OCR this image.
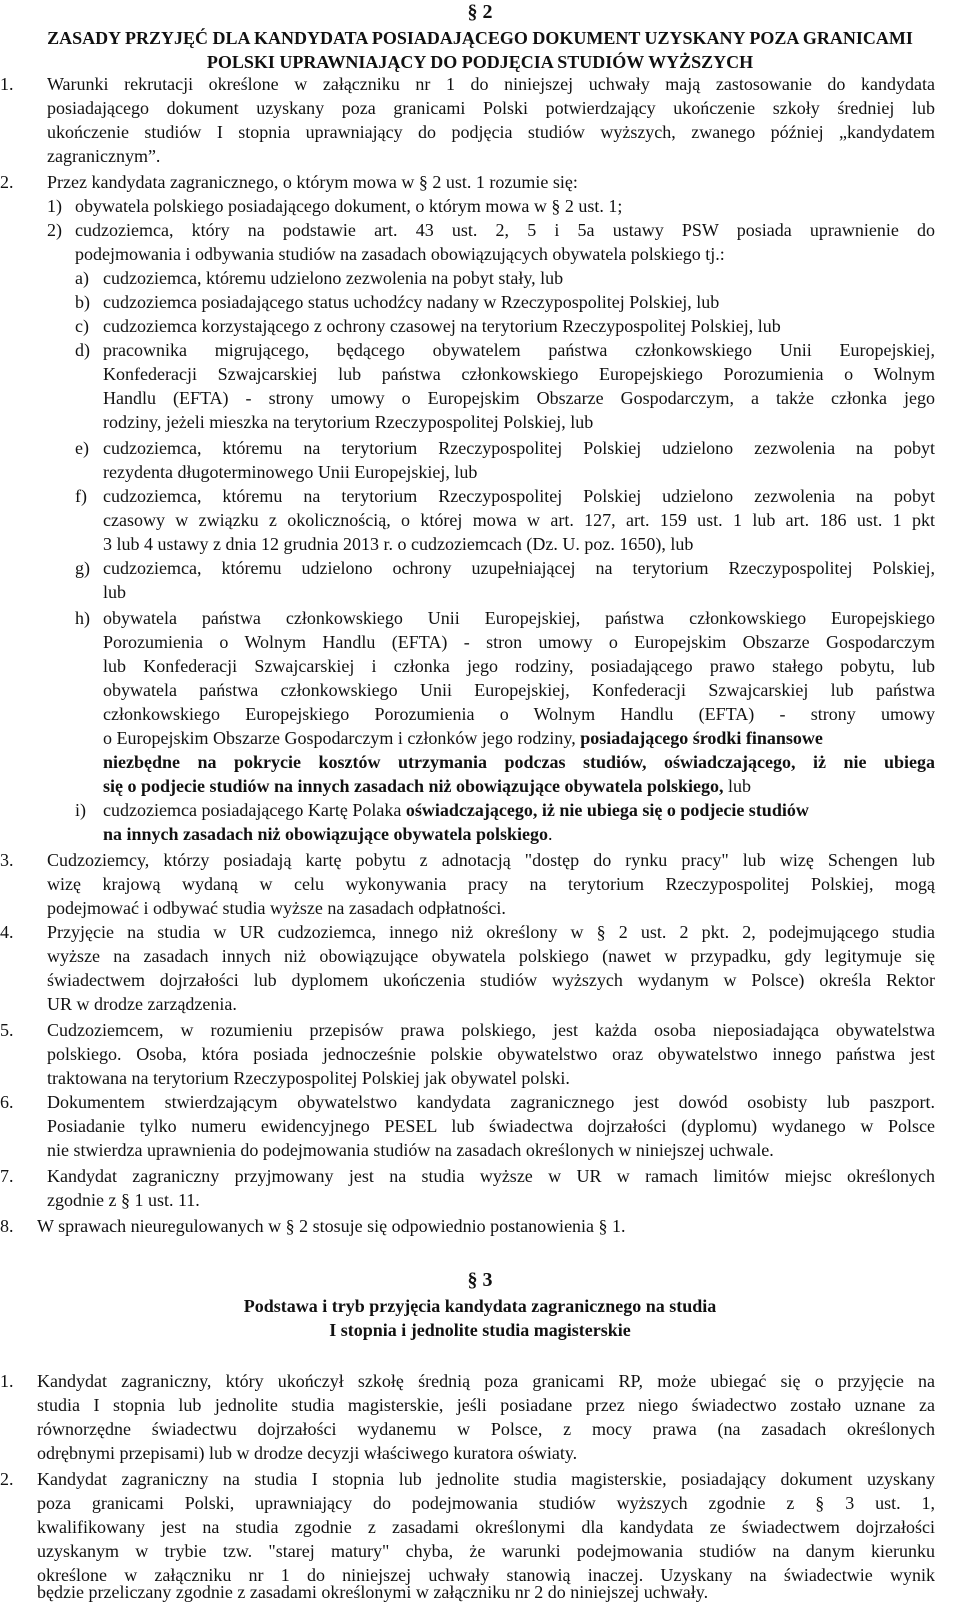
§ 2
ZASADY PRZYJĘĆ DLA KANDYDATA POSIADAJĄCEGO DOKUMENT UZYSKANY POZA GRANICAMI
POLSKI UPRAWNIAJĄCY DO PODJĘCIA STUDIÓW WYŻSZYCH
1. Warunki rekrutacji określone w załączniku nr 1 do niniejszej uchwały mają zastosowanie do kandydata
posiadającego dokument uzyskany poza granicami Polski potwierdzający ukończenie szkoły średniej lub
ukończenie studiów I stopnia uprawniający do podjęcia studiów wyższych, zwanego później „kandydatem
zagranicznym”.
2. Przez kandydata zagranicznego, o którym mowa w § 2 ust. 1 rozumie się:
1) obywatela polskiego posiadającego dokument, o którym mowa w § 2 ust. 1;
2) cudzoziemca, który na podstawie art. 43 ust. 2, 5 i 5a ustawy PSW posiada uprawnienie do
podejmowania i odbywania studiów na zasadach obowiązujących obywatela polskiego tj.:
a) cudzoziemca, któremu udzielono zezwolenia na pobyt stały, lub
b) cudzoziemca posiadającego status uchodźcy nadany w Rzeczypospolitej Polskiej, lub
c) cudzoziemca korzystającego z ochrony czasowej na terytorium Rzeczypospolitej Polskiej, lub
d) pracownika migrującego, będącego obywatelem państwa członkowskiego Unii Europejskiej,
Konfederacji Szwajcarskiej lub państwa członkowskiego Europejskiego Porozumienia o Wolnym
Handlu (EFTA) - strony umowy o Europejskim Obszarze Gospodarczym, a także członka jego
rodziny, jeżeli mieszka na terytorium Rzeczypospolitej Polskiej, lub
e) cudzoziemca, któremu na terytorium Rzeczypospolitej Polskiej udzielono zezwolenia na pobyt
rezydenta długoterminowego Unii Europejskiej, lub
f) cudzoziemca, któremu na terytorium Rzeczypospolitej Polskiej udzielono zezwolenia na pobyt
czasowy w związku z okolicznością, o której mowa w art. 127, art. 159 ust. 1 lub art. 186 ust. 1 pkt
3 lub 4 ustawy z dnia 12 grudnia 2013 r. o cudzoziemcach (Dz. U. poz. 1650), lub
g) cudzoziemca, któremu udzielono ochrony uzupełniającej na terytorium Rzeczypospolitej Polskiej,
lub
h) obywatela państwa członkowskiego Unii Europejskiej, państwa członkowskiego Europejskiego
Porozumienia o Wolnym Handlu (EFTA) - stron umowy o Europejskim Obszarze Gospodarczym
lub Konfederacji Szwajcarskiej i członka jego rodziny, posiadającego prawo stałego pobytu, lub
obywatela państwa członkowskiego Unii Europejskiej, Konfederacji Szwajcarskiej lub państwa
członkowskiego Europejskiego Porozumienia o Wolnym Handlu (EFTA) - strony umowy
o Europejskim Obszarze Gospodarczym i członków jego rodziny, posiadającego środki finansowe
niezbędne na pokrycie kosztów utrzymania podczas studiów, oświadczającego, iż nie ubiega
się o podjecie studiów na innych zasadach niż obowiązujące obywatela polskiego, lub
i) cudzoziemca posiadającego Kartę Polaka oświadczającego, iż nie ubiega się o podjecie studiów
na innych zasadach niż obowiązujące obywatela polskiego.
3. Cudzoziemcy, którzy posiadają kartę pobytu z adnotacją "dostęp do rynku pracy" lub wizę Schengen lub
wizę krajową wydaną w celu wykonywania pracy na terytorium Rzeczypospolitej Polskiej, mogą
podejmować i odbywać studia wyższe na zasadach odpłatności.
4. Przyjęcie na studia w UR cudzoziemca, innego niż określony w § 2 ust. 2 pkt. 2, podejmującego studia
wyższe na zasadach innych niż obowiązujące obywatela polskiego (nawet w przypadku, gdy legitymuje się
świadectwem dojrzałości lub dyplomem ukończenia studiów wyższych wydanym w Polsce) określa Rektor
UR w drodze zarządzenia.
5. Cudzoziemcem, w rozumieniu przepisów prawa polskiego, jest każda osoba nieposiadająca obywatelstwa
polskiego. Osoba, która posiada jednocześnie polskie obywatelstwo oraz obywatelstwo innego państwa jest
traktowana na terytorium Rzeczypospolitej Polskiej jak obywatel polski.
6. Dokumentem stwierdzającym obywatelstwo kandydata zagranicznego jest dowód osobisty lub paszport.
Posiadanie tylko numeru ewidencyjnego PESEL lub świadectwa dojrzałości (dyplomu) wydanego w Polsce
nie stwierdza uprawnienia do podejmowania studiów na zasadach określonych w niniejszej uchwale.
7. Kandydat zagraniczny przyjmowany jest na studia wyższe w UR w ramach limitów miejsc określonych
zgodnie z § 1 ust. 11.
8. W sprawach nieuregulowanych w § 2 stosuje się odpowiednio postanowienia § 1.
§ 3
Podstawa i tryb przyjęcia kandydata zagranicznego na studia
I stopnia i jednolite studia magisterskie
1. Kandydat zagraniczny, który ukończył szkołę średnią poza granicami RP, może ubiegać się o przyjęcie na
studia I stopnia lub jednolite studia magisterskie, jeśli posiadane przez niego świadectwo zostało uznane za
równorzędne świadectwu dojrzałości wydanemu w Polsce, z mocy prawa (na zasadach określonych
odrębnymi przepisami) lub w drodze decyzji właściwego kuratora oświaty.
2. Kandydat zagraniczny na studia I stopnia lub jednolite studia magisterskie, posiadający dokument uzyskany
poza granicami Polski, uprawniający do podejmowania studiów wyższych zgodnie z § 3 ust. 1,
kwalifikowany jest na studia zgodnie z zasadami określonymi dla kandydata ze świadectwem dojrzałości
uzyskanym w trybie tzw. "starej matury" chyba, że warunki podejmowania studiów na danym kierunku
określone w załączniku nr 1 do niniejszej uchwały stanowią inaczej. Uzyskany na świadectwie wynik
będzie przeliczany zgodnie z zasadami określonymi w załączniku nr 2 do niniejszej uchwały.
